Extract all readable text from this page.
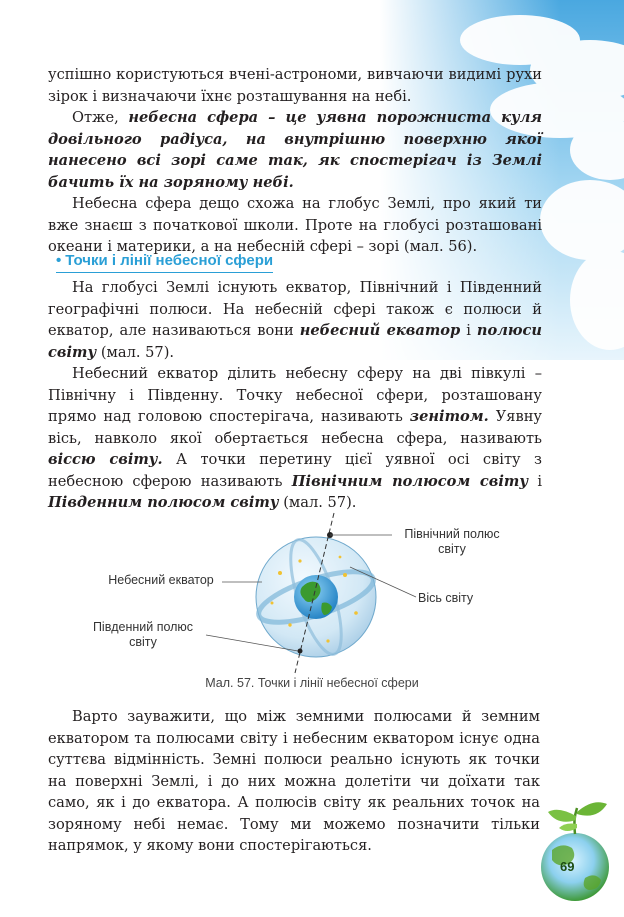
успішно користуються вчені-астрономи, вивчаючи видимі рухи зірок і визначаючи їхнє розташування на небі.

Отже, небесна сфера – це уявна порожниста куля довільного радіуса, на внутрішню поверхню якої нанесено всі зорі саме так, як спостерігач із Землі бачить їх на зоряному небі.

Небесна сфера дещо схожа на глобус Землі, про який ти вже знаєш з початкової школи. Проте на глобусі розташовані океани і материки, а на небесній сфері – зорі (мал. 56).

• Точки і лінії небесної сфери

На глобусі Землі існують екватор, Північний і Південний географічні полюси. На небесній сфері також є полюси й екватор, але називаються вони небесний екватор і полюси світу (мал. 57).

Небесний екватор ділить небесну сферу на дві півкулі – Північну і Південну. Точку небесної сфери, розташовану прямо над головою спостерігача, називають зенітом. Уявну вісь, навколо якої обертається небесна сфера, називають віссю світу. А точки перетину цієї уявної осі світу з небесною сферою називають Північним полюсом світу і Південним полюсом світу (мал. 57).

Північний полюс світу
Небесний екватор
Вісь світу
Південний полюс світу
Мал. 57. Точки і лінії небесної сфери

Варто зауважити, що між земними полюсами й земним екватором та полюсами світу і небесним екватором існує одна суттєва відмінність. Земні полюси реально існують як точки на поверхні Землі, і до них можна долетіти чи доїхати так само, як і до екватора. А полюсів світу як реальних точок на зоряному небі немає. Тому ми можемо позначити тільки напрямок, у якому вони спостерігаються.

69
